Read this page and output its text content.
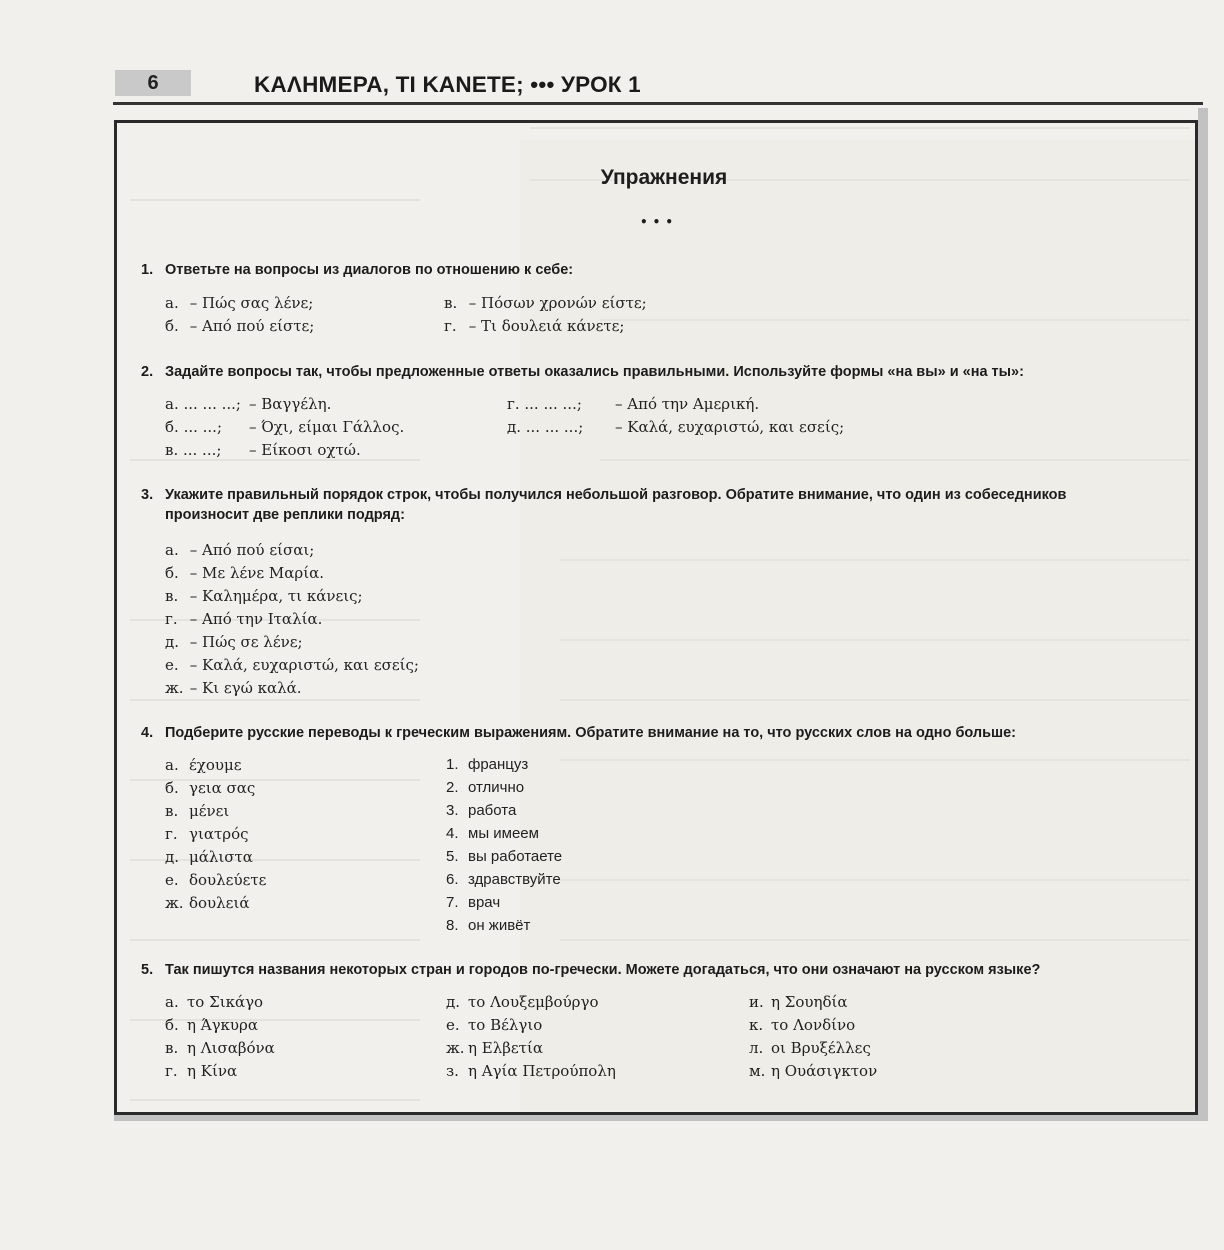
6	ΚΑΛΗΜΕΡΑ, ΤΙ ΚΑΝΕΤΕ; ••• УРОК 1
Упражнения
•••
1. Ответьте на вопросы из диалогов по отношению к себе:
а. – Πώς σας λένε;
б. – Από πού είστε;
в. – Πόσων χρονών είστε;
г. – Τι δουλειά κάνετε;
2. Задайте вопросы так, чтобы предложенные ответы оказались правильными. Используйте формы «на вы» и «на ты»:
а. ... ... ...; – Βαγγέλη.
б. ... ...; – Όχι, είμαι Γάλλος.
в. ... ...; – Είκοσι οχτώ.
г. ... ... ...; – Από την Αμερική.
д. ... ... ...; – Καλά, ευχαριστώ, και εσείς;
3. Укажите правильный порядок строк, чтобы получился небольшой разговор. Обратите внимание, что один из собеседников
произносит две реплики подряд:
а. – Από πού είσαι;
б. – Με λένε Μαρία.
в. – Καλημέρα, τι κάνεις;
г. – Από την Ιταλία.
д. – Πώς σε λένε;
е. – Καλά, ευχαριστώ, και εσείς;
ж. – Κι εγώ καλά.
4. Подберите русские переводы к греческим выражениям. Обратите внимание на то, что русских слов на одно больше:
а. έχουμε
б. γεια σας
в. μένει
г. γιατρός
д. μάλιστα
е. δουλεύετε
ж. δουλειά
1. француз
2. отлично
3. работа
4. мы имеем
5. вы работаете
6. здравствуйте
7. врач
8. он живёт
5. Так пишутся названия некоторых стран и городов по-гречески. Можете догадаться, что они означают на русском языке?
а. το Σικάγο
б. η Άγκυρα
в. η Λισαβόνα
г. η Κίνα
д. το Λουξεμβούργο
е. το Βέλγιο
ж. η Ελβετία
з. η Αγία Πετρούπολη
и. η Σουηδία
к. το Λονδίνο
л. οι Βρυξέλλες
м. η Ουάσιγκτον
